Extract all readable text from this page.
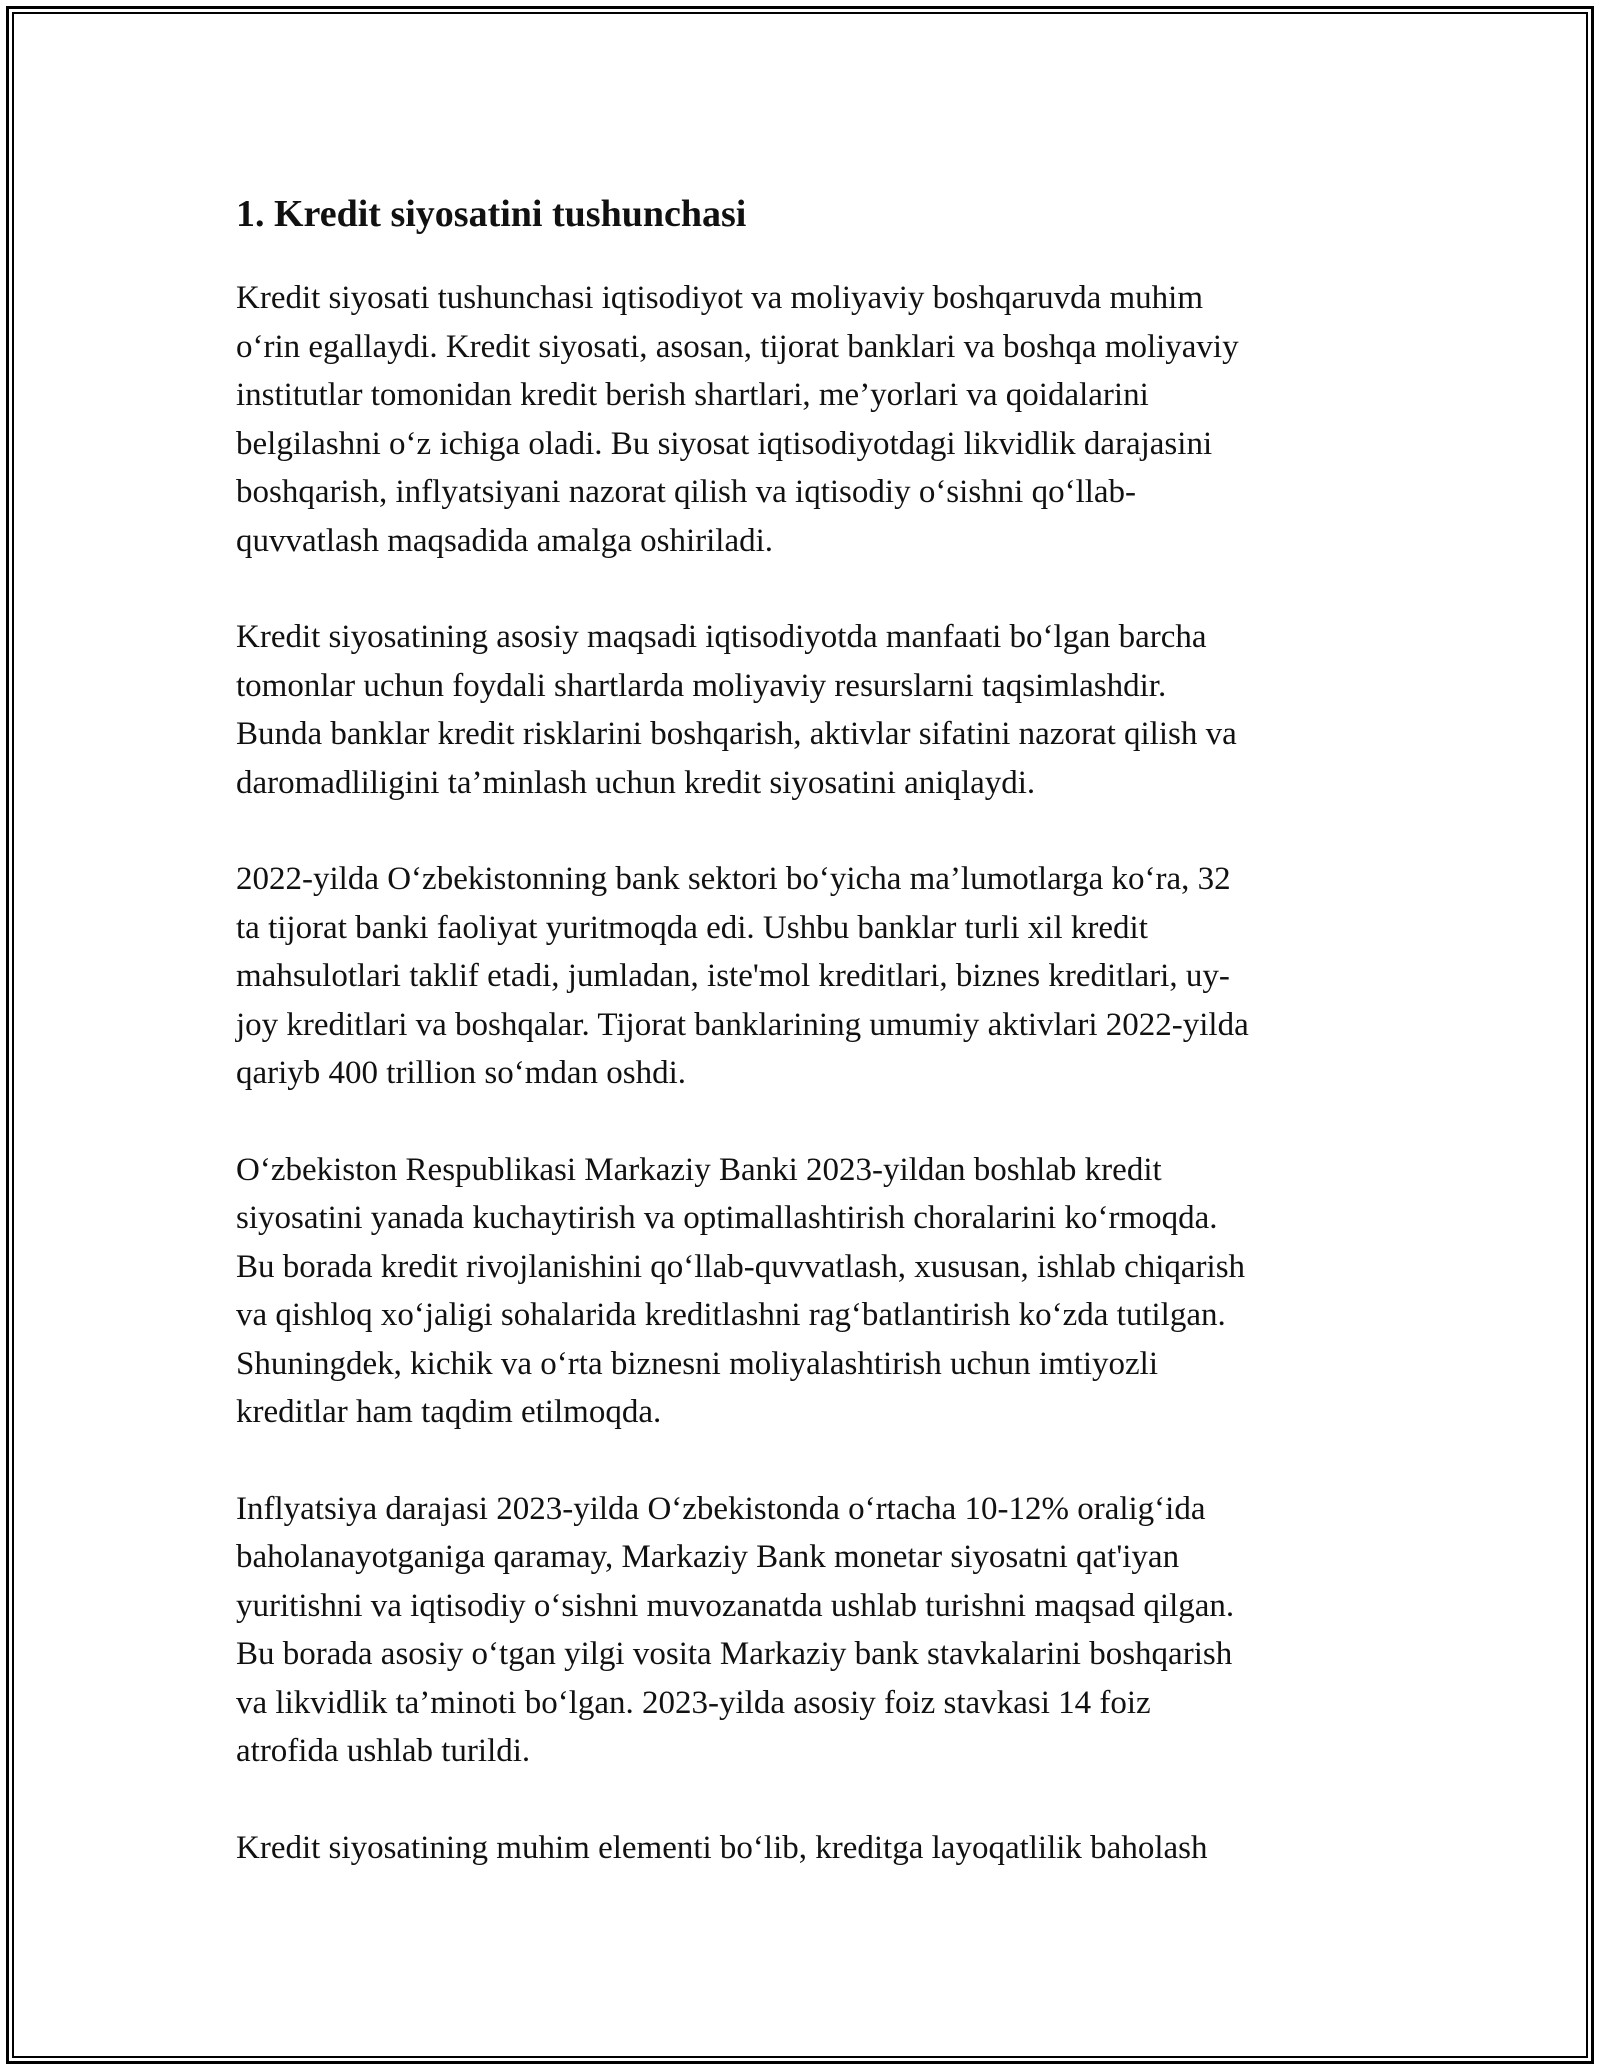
1. Kredit siyosatini tushunchasi

Kredit siyosati tushunchasi iqtisodiyot va moliyaviy boshqaruvda muhim
o‘rin egallaydi. Kredit siyosati, asosan, tijorat banklari va boshqa moliyaviy
institutlar tomonidan kredit berish shartlari, me’yorlari va qoidalarini
belgilashni o‘z ichiga oladi. Bu siyosat iqtisodiyotdagi likvidlik darajasini
boshqarish, inflyatsiyani nazorat qilish va iqtisodiy o‘sishni qo‘llab-
quvvatlash maqsadida amalga oshiriladi.

Kredit siyosatining asosiy maqsadi iqtisodiyotda manfaati bo‘lgan barcha
tomonlar uchun foydali shartlarda moliyaviy resurslarni taqsimlashdir.
Bunda banklar kredit risklarini boshqarish, aktivlar sifatini nazorat qilish va
daromadliligini ta’minlash uchun kredit siyosatini aniqlaydi.

2022-yilda O‘zbekistonning bank sektori bo‘yicha ma’lumotlarga ko‘ra, 32
ta tijorat banki faoliyat yuritmoqda edi. Ushbu banklar turli xil kredit
mahsulotlari taklif etadi, jumladan, iste'mol kreditlari, biznes kreditlari, uy-
joy kreditlari va boshqalar. Tijorat banklarining umumiy aktivlari 2022-yilda
qariyb 400 trillion so‘mdan oshdi.

O‘zbekiston Respublikasi Markaziy Banki 2023-yildan boshlab kredit
siyosatini yanada kuchaytirish va optimallashtirish choralarini ko‘rmoqda.
Bu borada kredit rivojlanishini qo‘llab-quvvatlash, xususan, ishlab chiqarish
va qishloq xo‘jaligi sohalarida kreditlashni rag‘batlantirish ko‘zda tutilgan.
Shuningdek, kichik va o‘rta biznesni moliyalashtirish uchun imtiyozli
kreditlar ham taqdim etilmoqda.

Inflyatsiya darajasi 2023-yilda O‘zbekistonda o‘rtacha 10-12% oralig‘ida
baholanayotganiga qaramay, Markaziy Bank monetar siyosatni qat'iyan
yuritishni va iqtisodiy o‘sishni muvozanatda ushlab turishni maqsad qilgan.
Bu borada asosiy o‘tgan yilgi vosita Markaziy bank stavkalarini boshqarish
va likvidlik ta’minoti bo‘lgan. 2023-yilda asosiy foiz stavkasi 14 foiz
atrofida ushlab turildi.

Kredit siyosatining muhim elementi bo‘lib, kreditga layoqatlilik baholash
